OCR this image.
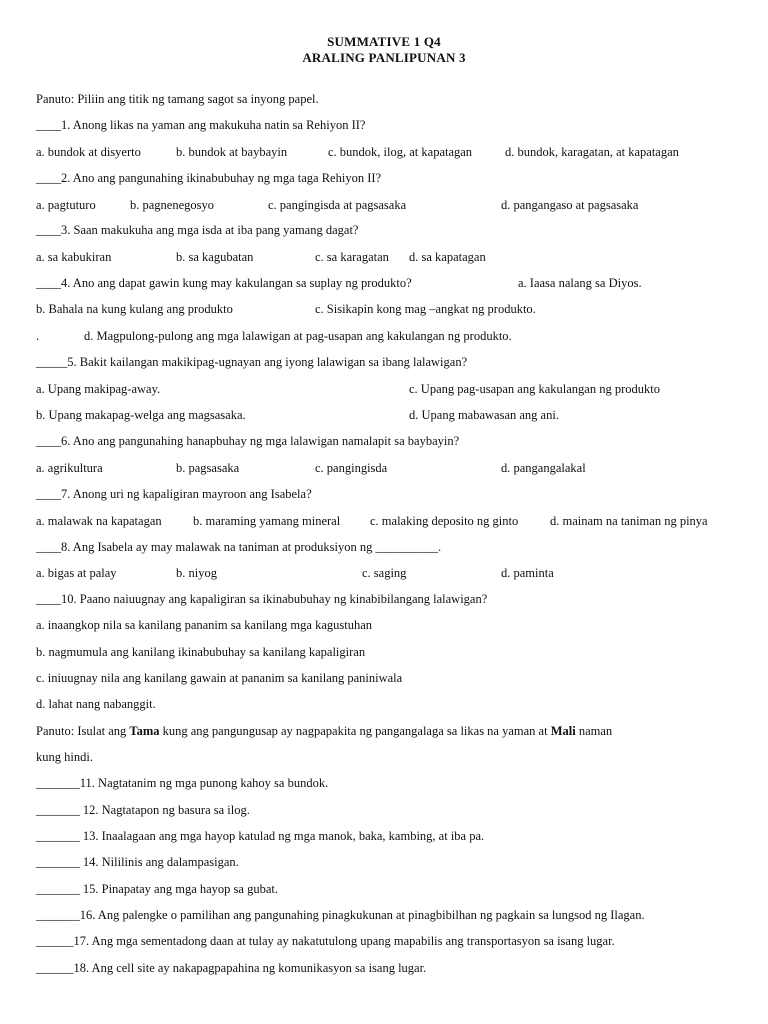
SUMMATIVE 1 Q4
ARALING PANLIPUNAN 3
Panuto: Piliin ang titik ng tamang sagot sa inyong papel.
____1. Anong likas na yaman ang makukuha natin sa Rehiyon II?
a. bundok at disyerto	b. bundok at baybayin	c. bundok, ilog, at kapatagan	d. bundok, karagatan, at kapatagan
____2. Ano ang pangunahing ikinabubuhay ng mga taga Rehiyon II?
a. pagtuturo	b. pagnenegosyo	c. pangingisda at pagsasaka	d. pangangaso at pagsasaka
____3. Saan makukuha ang mga isda at iba pang yamang dagat?
a. sa kabukiran	b. sa kagubatan	c. sa karagatan d. sa kapatagan
____4. Ano ang dapat gawin kung may kakulangan sa suplay ng produkto?	a. Iaasa nalang sa Diyos.
b. Bahala na kung kulang ang produkto	c. Sisikapin kong mag –angkat ng produkto.
.	d. Magpulong-pulong ang mga lalawigan at pag-usapan ang kakulangan ng produkto.
_____5. Bakit kailangan makikipag-ugnayan ang iyong lalawigan sa ibang lalawigan?
a. Upang makipag-away.	c. Upang pag-usapan ang kakulangan ng produkto
b. Upang makapag-welga ang magsasaka.	d. Upang mabawasan ang ani.
____6. Ano ang pangunahing hanapbuhay ng mga lalawigan namalapit sa baybayin?
a. agrikultura	b. pagsasaka	c. pangingisda	d. pangangalakal
____7. Anong uri ng kapaligiran mayroon ang Isabela?
a. malawak na kapatagan	b. maraming yamang mineral c. malaking deposito ng ginto	d. mainam na taniman ng pinya
____8. Ang Isabela ay may malawak na taniman at produksiyon ng __________.
a. bigas at palay	b. niyog	c. saging	d. paminta
____10. Paano naiuugnay ang kapaligiran sa ikinabubuhay ng kinabibilangang lalawigan?
a. inaangkop nila sa kanilang pananim sa kanilang mga kagustuhan
b. nagmumula ang kanilang ikinabubuhay sa kanilang kapaligiran
c. iniuugnay nila ang kanilang gawain at pananim sa kanilang paniniwala
d. lahat nang nabanggit.
Panuto: Isulat ang Tama kung ang pangungusap ay nagpapakita ng pangangalaga sa likas na yaman at Mali naman
kung hindi.
_______11. Nagtatanim ng mga punong kahoy sa bundok.
_______ 12. Nagtatapon ng basura sa ilog.
_______ 13. Inaalagaan ang mga hayop katulad ng mga manok, baka, kambing, at iba pa.
_______ 14. Nililinis ang dalampasigan.
_______ 15. Pinapatay ang mga hayop sa gubat.
_______16. Ang palengke o pamilihan ang pangunahing pinagkukunan at pinagbibilhan ng pagkain sa lungsod ng Ilagan.
______17. Ang mga sementadong daan at tulay ay nakatutulong upang mapabilis ang transportasyon sa isang lugar.
______18. Ang cell site ay nakapagpapahina ng komunikasyon sa isang lugar.
